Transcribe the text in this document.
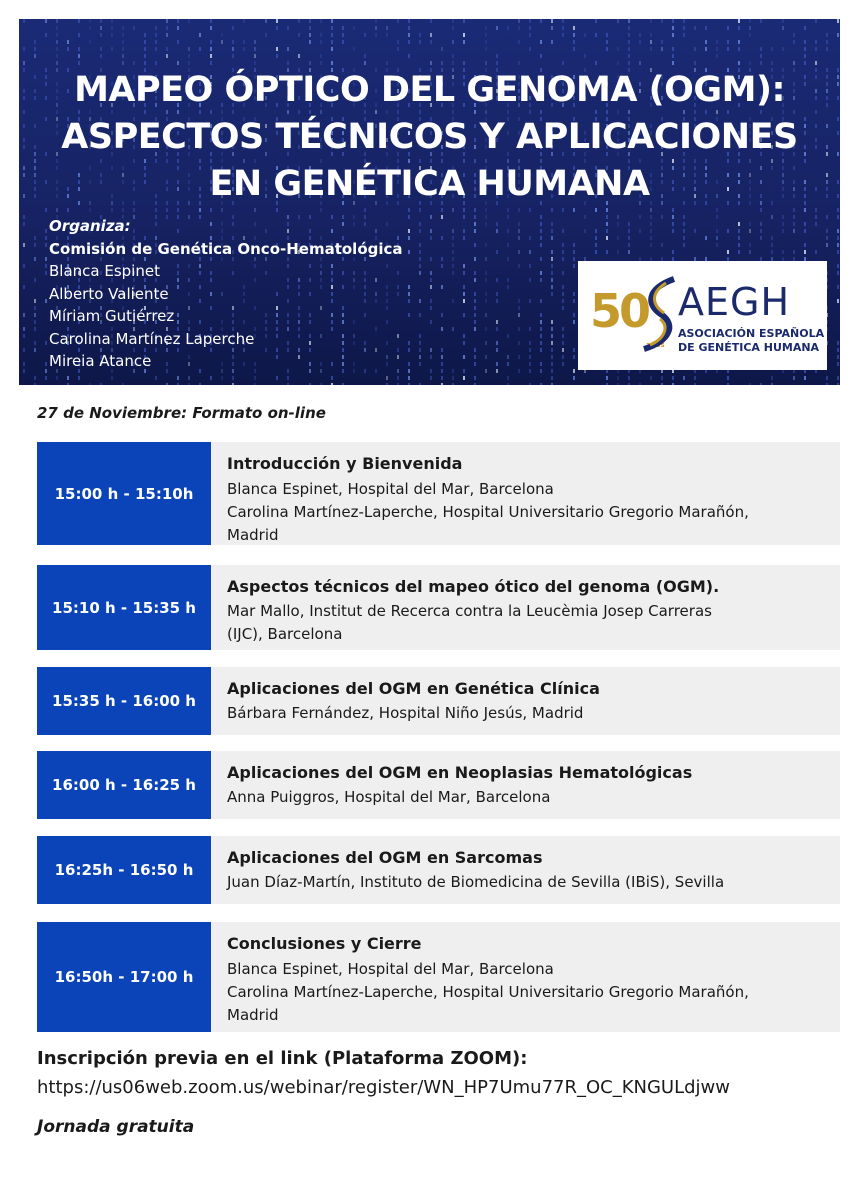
MAPEO ÓPTICO DEL GENOMA (OGM):
ASPECTOS TÉCNICOS Y APLICACIONES
EN GENÉTICA HUMANA
Organiza:
Comisión de Genética Onco-Hematológica
Blanca Espinet
Alberto Valiente
Míriam Gutiérrez
Carolina Martínez Laperche
Mireia Atance
50
años
AEGH
ASOCIACIÓN ESPAÑOLA
DE GENÉTICA HUMANA
27 de Noviembre: Formato on-line
15:00 h - 15:10h
Introducción y Bienvenida
Blanca Espinet, Hospital del Mar, Barcelona
Carolina Martínez-Laperche, Hospital Universitario Gregorio Marañón,
Madrid
15:10 h - 15:35 h
Aspectos técnicos del mapeo ótico del genoma (OGM).
Mar Mallo, Institut de Recerca contra la Leucèmia Josep Carreras
(IJC), Barcelona
15:35 h - 16:00 h
Aplicaciones del OGM en Genética Clínica
Bárbara Fernández, Hospital Niño Jesús, Madrid
16:00 h - 16:25 h
Aplicaciones del OGM en Neoplasias Hematológicas
Anna Puiggros, Hospital del Mar, Barcelona
16:25h - 16:50 h
Aplicaciones del OGM en Sarcomas
Juan Díaz-Martín, Instituto de Biomedicina de Sevilla (IBiS), Sevilla
16:50h - 17:00 h
Conclusiones y Cierre
Blanca Espinet, Hospital del Mar, Barcelona
Carolina Martínez-Laperche, Hospital Universitario Gregorio Marañón,
Madrid
Inscripción previa en el link (Plataforma ZOOM):
https://us06web.zoom.us/webinar/register/WN_HP7Umu77R_OC_KNGULdjww
Jornada gratuita
